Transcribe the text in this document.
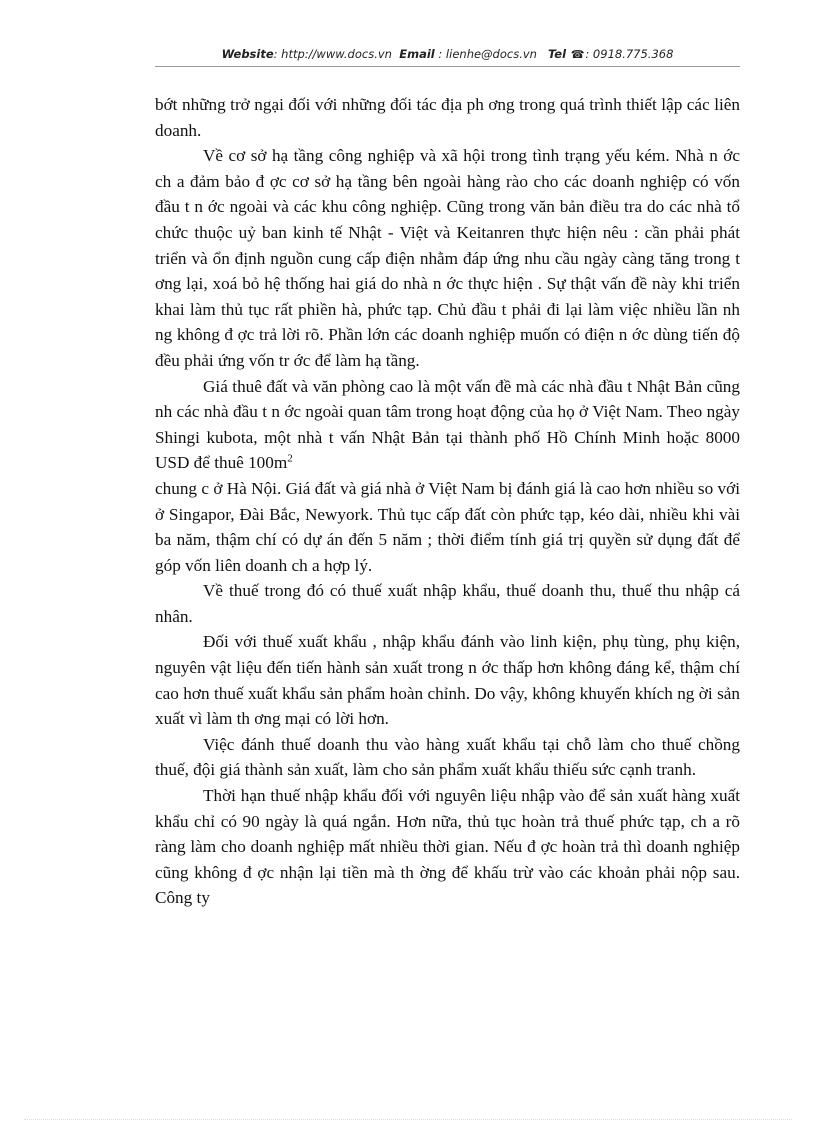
Website: http://www.docs.vn Email : lienhe@docs.vn Tel ☎: 0918.775.368

bớt những trở ngại đối với những đối tác địa ph ơng trong quá trình thiết lập các liên doanh.

Về cơ sở hạ tầng công nghiệp và xã hội trong tình trạng yếu kém. Nhà n ớc ch a đảm bảo đ ợc cơ sở hạ tầng bên ngoài hàng rào cho các doanh nghiệp có vốn đầu t n ớc ngoài và các khu công nghiệp. Cũng trong văn bản điều tra do các nhà tổ chức thuộc uỷ ban kinh tế Nhật - Việt và Keitanren thực hiện nêu : cần phải phát triển và ổn định nguồn cung cấp điện nhằm đáp ứng nhu cầu ngày càng tăng trong t ơng lại, xoá bỏ hệ thống hai giá do nhà n ớc thực hiện . Sự thật vấn đề này khi triển khai làm thủ tục rất phiền hà, phức tạp. Chủ đầu t phải đi lại làm việc nhiều lần nh ng không đ ợc trả lời rõ. Phần lớn các doanh nghiệp muốn có điện n ớc dùng tiến độ đều phải ứng vốn tr ớc để làm hạ tầng.

Giá thuê đất và văn phòng cao là một vấn đề mà các nhà đầu t Nhật Bản cũng nh các nhà đầu t n ớc ngoài quan tâm trong hoạt động của họ ở Việt Nam. Theo ngày Shingi kubota, một nhà t vấn Nhật Bản tại thành phố Hồ Chính Minh hoặc 8000 USD để thuê $100m^2$

chung c ở Hà Nội. Giá đất và giá nhà ở Việt Nam bị đánh giá là cao hơn nhiều so với ở Singapor, Đài Bắc, Newyork. Thủ tục cấp đất còn phức tạp, kéo dài, nhiều khi vài ba năm, thậm chí có dự án đến 5 năm ; thời điểm tính giá trị quyền sử dụng đất để góp vốn liên doanh ch a hợp lý.

Về thuế trong đó có thuế xuất nhập khẩu, thuế doanh thu, thuế thu nhập cá nhân.

Đối với thuế xuất khẩu , nhập khẩu đánh vào linh kiện, phụ tùng, phụ kiện, nguyên vật liệu đến tiến hành sản xuất trong n ớc thấp hơn không đáng kể, thậm chí cao hơn thuế xuất khẩu sản phẩm hoàn chỉnh. Do vậy, không khuyến khích ng ời sản xuất vì làm th ơng mại có lời hơn.

Việc đánh thuế doanh thu vào hàng xuất khẩu tại chỗ làm cho thuế chồng thuế, đội giá thành sản xuất, làm cho sản phẩm xuất khẩu thiếu sức cạnh tranh.

Thời hạn thuế nhập khẩu đối với nguyên liệu nhập vào để sản xuất hàng xuất khẩu chỉ có 90 ngày là quá ngắn. Hơn nữa, thủ tục hoàn trả thuế phức tạp, ch a rõ ràng làm cho doanh nghiệp mất nhiều thời gian. Nếu đ ợc hoàn trả thì doanh nghiệp cũng không đ ợc nhận lại tiền mà th ờng để khấu trừ vào các khoản phải nộp sau. Công ty
